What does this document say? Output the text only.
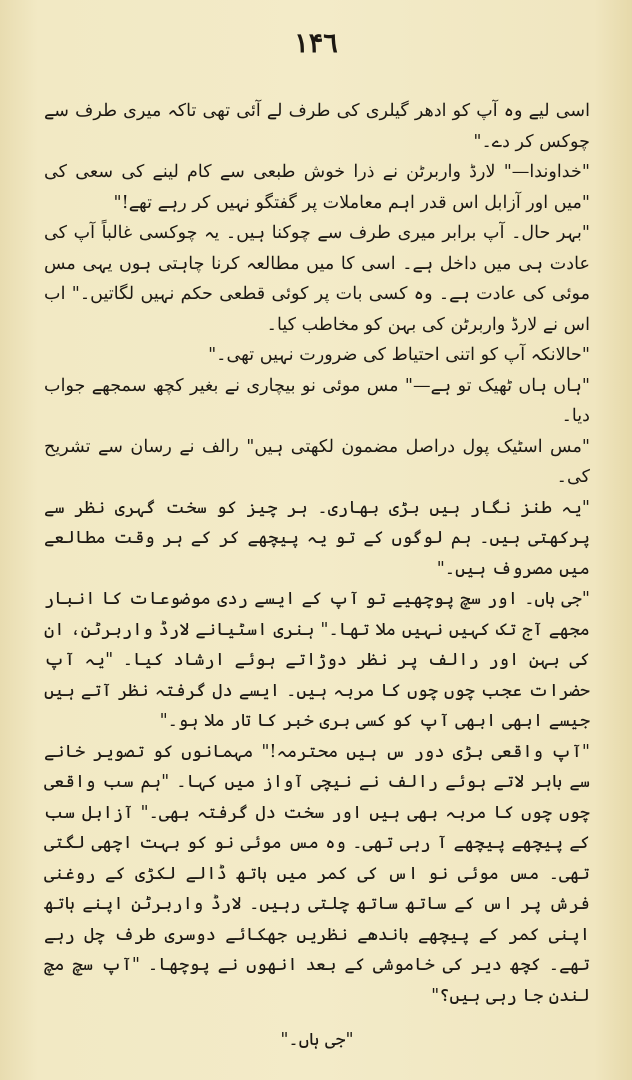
۱۴٦

اسی لیے وہ آپ کو ادھر گیلری کی طرف لے آئی تھی تاکہ میری طرف سے چوکس کر دے۔"

"خداوندا—" لارڈ واربرٹن نے ذرا خوش طبعی سے کام لینے کی سعی کی "میں اور آزابل اس قدر اہم معاملات پر گفتگو نہیں کر رہے تھے!"

"بہر حال۔ آپ برابر میری طرف سے چوکنا ہیں۔ یہ چوکسی غالباً آپ کی عادت ہی میں داخل ہے۔ اسی کا میں مطالعہ کرنا چاہتی ہوں یہی مس موئی کی عادت ہے۔ وہ کسی بات پر کوئی قطعی حکم نہیں لگاتیں۔" اب اس نے لارڈ واربرٹن کی بہن کو مخاطب کیا۔

"حالانکہ آپ کو اتنی احتیاط کی ضرورت نہیں تھی۔"

"ہاں ہاں ٹھیک تو ہے—" مس موئی نو بیچاری نے بغیر کچھ سمجھے جواب دیا۔

"مس اسٹیک پول دراصل مضمون لکھتی ہیں" رالف نے رسان سے تشریح کی۔

"یہ طنز نگار ہیں بڑی بھاری۔ ہر چیز کو سخت گہری نظر سے پرکھتی ہیں۔ ہم لوگوں کے تو یہ پیچھے کر کے ہر وقت مطالعے میں مصروف ہیں۔"

"جی ہاں۔ اور سچ پوچھیے تو آپ کے ایسے ردی موضوعات کا انبار مجھے آج تک کہیں نہیں ملا تھا۔" ہنری اسٹیانے لارڈ واربرٹن، ان کی بہن اور رالف پر نظر دوڑاتے ہوئے ارشاد کیا۔ "یہ آپ حضرات عجب چوں چوں کا مربہ ہیں۔ ایسے دل گرفتہ نظر آتے ہیں جیسے ابھی ابھی آپ کو کسی بری خبر کا تار ملا ہو۔"

"آپ واقعی بڑی دور س ہیں محترمہ!" مہمانوں کو تصویر خانے سے باہر لاتے ہوئے رالف نے نیچی آواز میں کہا۔ "ہم سب واقعی چوں چوں کا مربہ بھی ہیں اور سخت دل گرفتہ بھی۔" آزابل سب کے پیچھے پیچھے آ رہی تھی۔ وہ مس موئی نو کو بہت اچھی لگتی تھی۔ مس موئی نو اس کی کمر میں ہاتھ ڈالے لکڑی کے روغنی فرش پر اس کے ساتھ ساتھ چلتی رہیں۔ لارڈ واربرٹن اپنے ہاتھ اپنی کمر کے پیچھے باندھے نظریں جھکائے دوسری طرف چل رہے تھے۔ کچھ دیر کی خاموشی کے بعد انھوں نے پوچھا۔ "آپ سچ مچ لندن جا رہی ہیں؟"

"جی ہاں۔"
